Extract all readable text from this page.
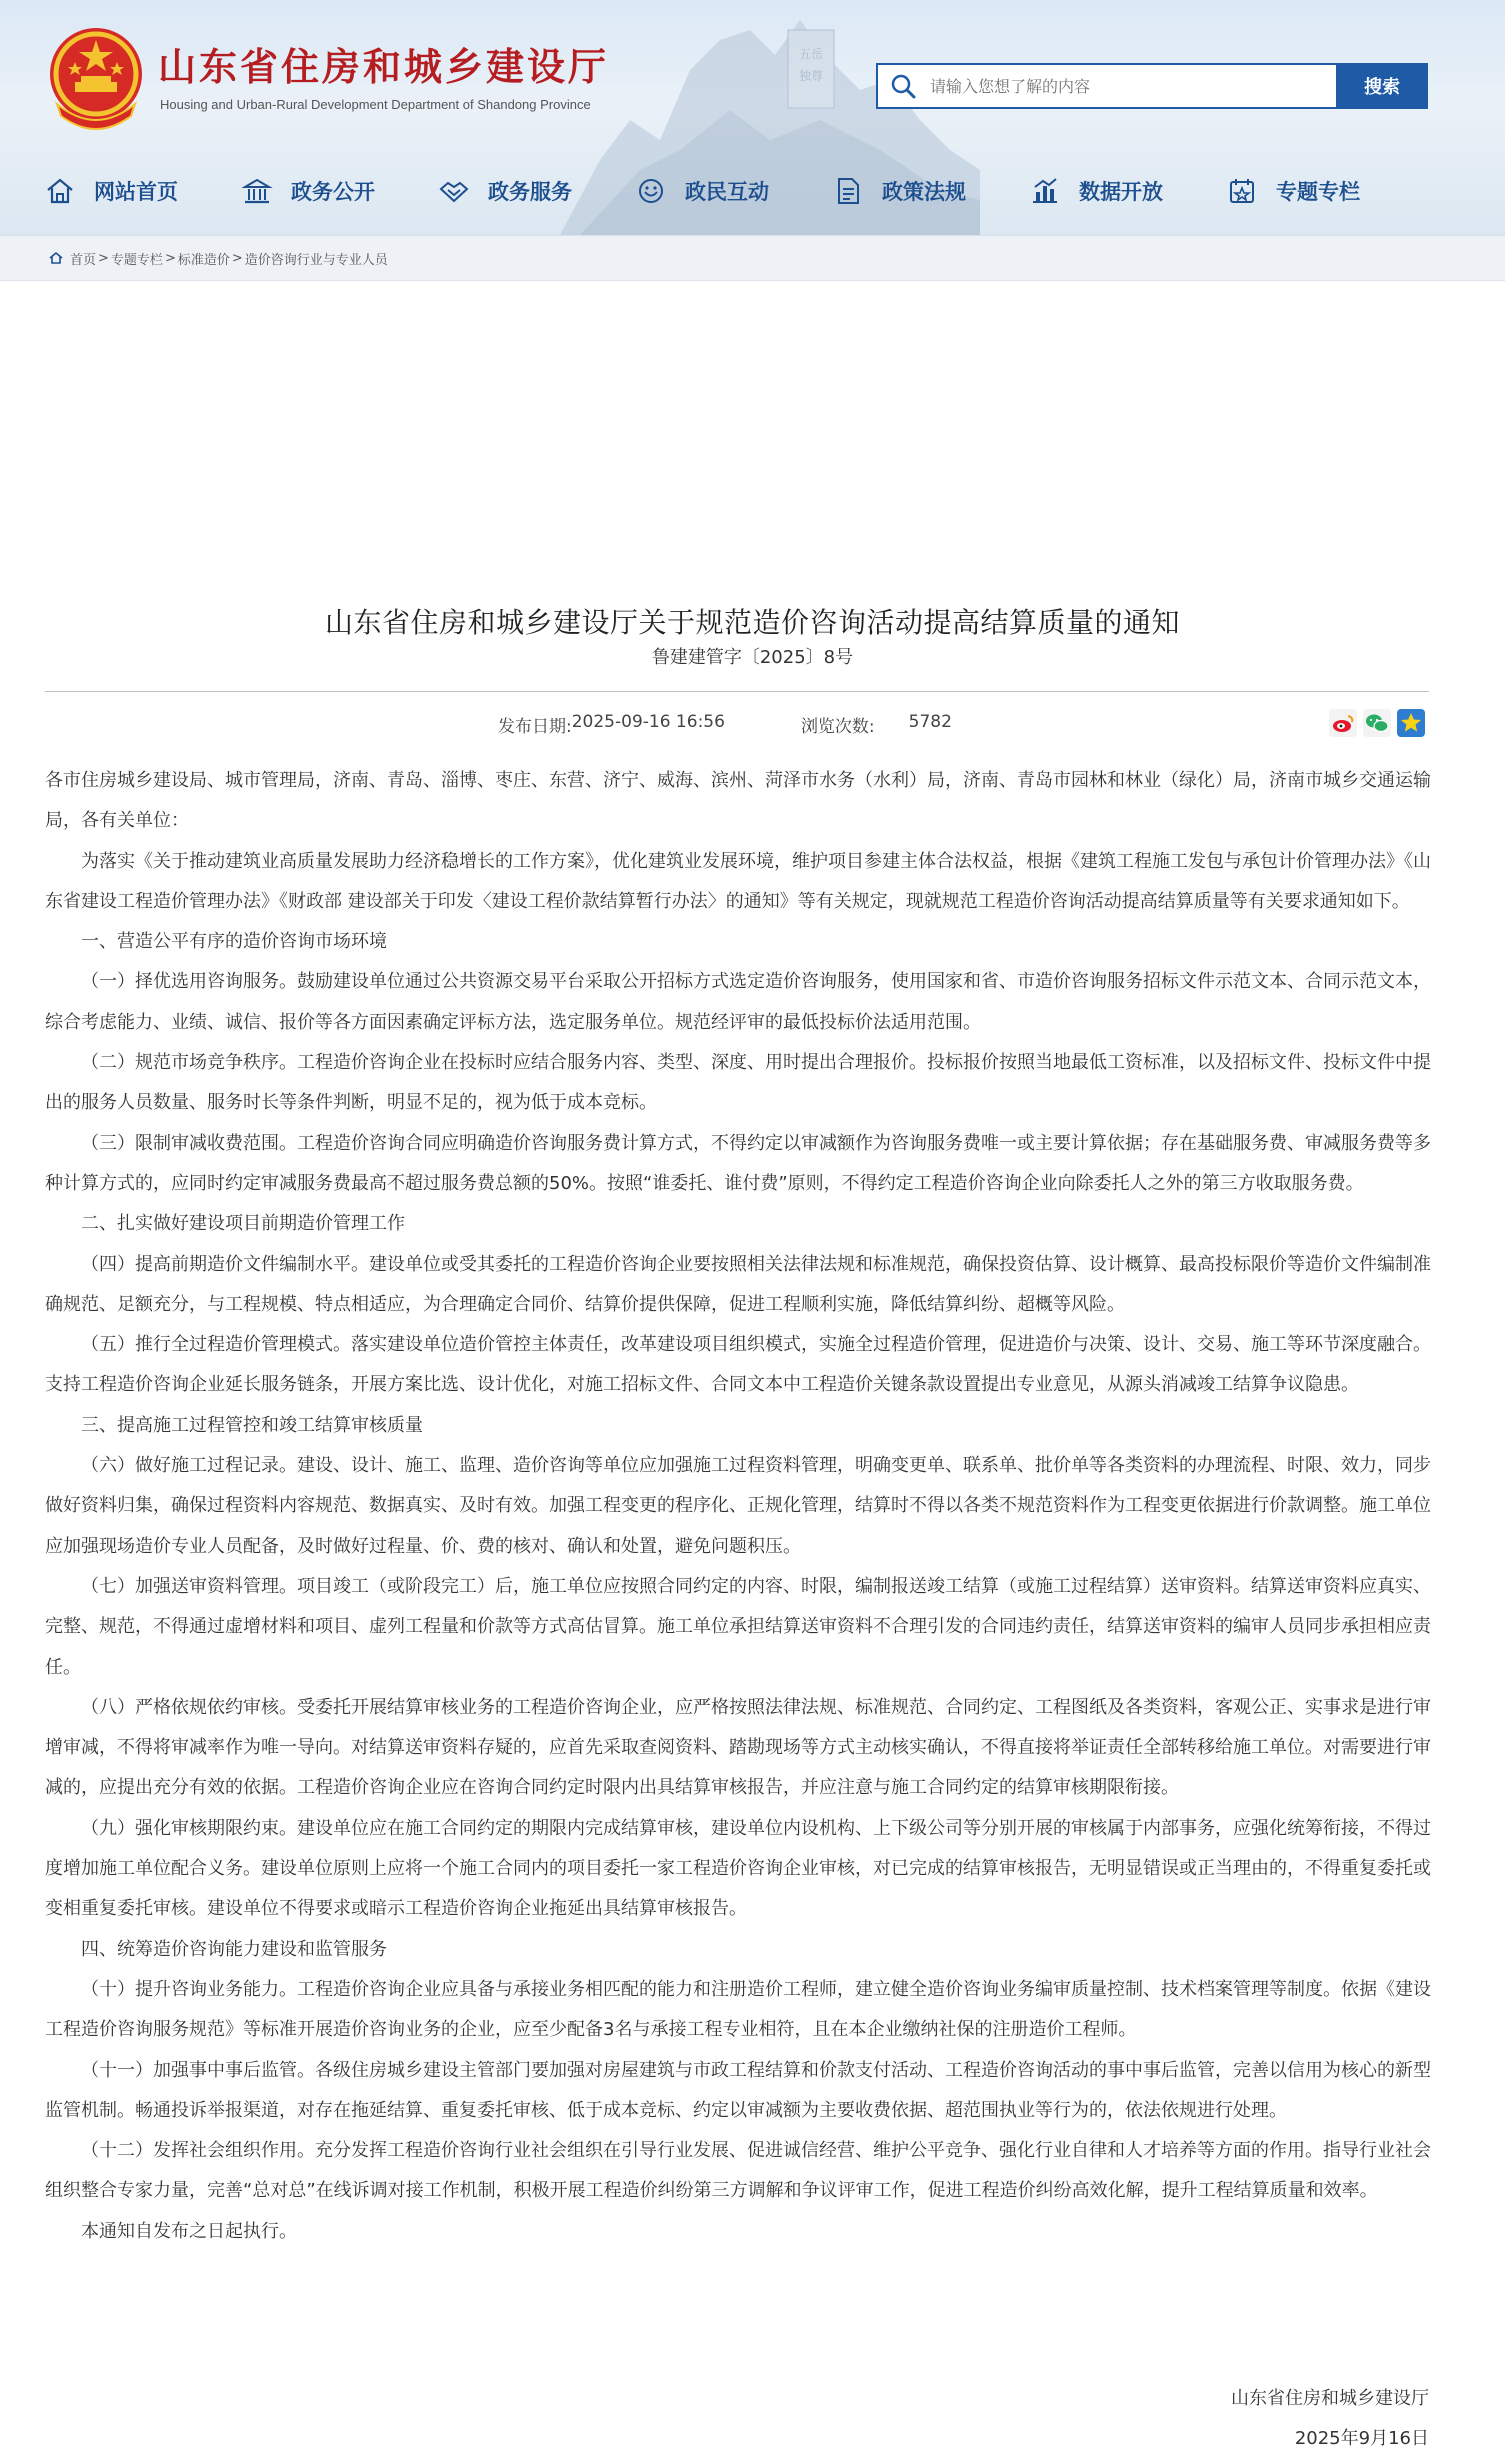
五岳
独尊
山东省住房和城乡建设厅
Housing and Urban-Rural Development Department of Shandong Province
请输入您想了解的内容
搜索
网站首页	政务公开	政务服务	政民互动	政策法规	数据开放	专题专栏
首页 > 专题专栏 > 标准造价 > 造价咨询行业与专业人员
山东省住房和城乡建设厅关于规范造价咨询活动提高结算质量的通知
鲁建建管字〔2025〕8号
发布日期: 2025-09-16 16:56	浏览次数: 5782

各市住房城乡建设局、城市管理局，济南、青岛、淄博、枣庄、东营、济宁、威海、滨州、菏泽市水务（水利）局，济南、青岛市园林和林业（绿化）局，济南市城乡交通运输局，各有关单位：

为落实《关于推动建筑业高质量发展助力经济稳增长的工作方案》，优化建筑业发展环境，维护项目参建主体合法权益，根据《建筑工程施工发包与承包计价管理办法》《山东省建设工程造价管理办法》《财政部 建设部关于印发〈建设工程价款结算暂行办法〉的通知》等有关规定，现就规范工程造价咨询活动提高结算质量等有关要求通知如下。

一、营造公平有序的造价咨询市场环境

（一）择优选用咨询服务。鼓励建设单位通过公共资源交易平台采取公开招标方式选定造价咨询服务，使用国家和省、市造价咨询服务招标文件示范文本、合同示范文本，综合考虑能力、业绩、诚信、报价等各方面因素确定评标方法，选定服务单位。规范经评审的最低投标价法适用范围。

（二）规范市场竞争秩序。工程造价咨询企业在投标时应结合服务内容、类型、深度、用时提出合理报价。投标报价按照当地最低工资标准，以及招标文件、投标文件中提出的服务人员数量、服务时长等条件判断，明显不足的，视为低于成本竞标。

（三）限制审减收费范围。工程造价咨询合同应明确造价咨询服务费计算方式，不得约定以审减额作为咨询服务费唯一或主要计算依据；存在基础服务费、审减服务费等多种计算方式的，应同时约定审减服务费最高不超过服务费总额的50%。按照“谁委托、谁付费”原则，不得约定工程造价咨询企业向除委托人之外的第三方收取服务费。

二、扎实做好建设项目前期造价管理工作

（四）提高前期造价文件编制水平。建设单位或受其委托的工程造价咨询企业要按照相关法律法规和标准规范，确保投资估算、设计概算、最高投标限价等造价文件编制准确规范、足额充分，与工程规模、特点相适应，为合理确定合同价、结算价提供保障，促进工程顺利实施，降低结算纠纷、超概等风险。

（五）推行全过程造价管理模式。落实建设单位造价管控主体责任，改革建设项目组织模式，实施全过程造价管理，促进造价与决策、设计、交易、施工等环节深度融合。支持工程造价咨询企业延长服务链条，开展方案比选、设计优化，对施工招标文件、合同文本中工程造价关键条款设置提出专业意见，从源头消减竣工结算争议隐患。

三、提高施工过程管控和竣工结算审核质量

（六）做好施工过程记录。建设、设计、施工、监理、造价咨询等单位应加强施工过程资料管理，明确变更单、联系单、批价单等各类资料的办理流程、时限、效力，同步做好资料归集，确保过程资料内容规范、数据真实、及时有效。加强工程变更的程序化、正规化管理，结算时不得以各类不规范资料作为工程变更依据进行价款调整。施工单位应加强现场造价专业人员配备，及时做好过程量、价、费的核对、确认和处置，避免问题积压。

（七）加强送审资料管理。项目竣工（或阶段完工）后，施工单位应按照合同约定的内容、时限，编制报送竣工结算（或施工过程结算）送审资料。结算送审资料应真实、完整、规范，不得通过虚增材料和项目、虚列工程量和价款等方式高估冒算。施工单位承担结算送审资料不合理引发的合同违约责任，结算送审资料的编审人员同步承担相应责任。

（八）严格依规依约审核。受委托开展结算审核业务的工程造价咨询企业，应严格按照法律法规、标准规范、合同约定、工程图纸及各类资料，客观公正、实事求是进行审增审减，不得将审减率作为唯一导向。对结算送审资料存疑的，应首先采取查阅资料、踏勘现场等方式主动核实确认，不得直接将举证责任全部转移给施工单位。对需要进行审减的，应提出充分有效的依据。工程造价咨询企业应在咨询合同约定时限内出具结算审核报告，并应注意与施工合同约定的结算审核期限衔接。

（九）强化审核期限约束。建设单位应在施工合同约定的期限内完成结算审核，建设单位内设机构、上下级公司等分别开展的审核属于内部事务，应强化统筹衔接，不得过度增加施工单位配合义务。建设单位原则上应将一个施工合同内的项目委托一家工程造价咨询企业审核，对已完成的结算审核报告，无明显错误或正当理由的，不得重复委托或变相重复委托审核。建设单位不得要求或暗示工程造价咨询企业拖延出具结算审核报告。

四、统筹造价咨询能力建设和监管服务

（十）提升咨询业务能力。工程造价咨询企业应具备与承接业务相匹配的能力和注册造价工程师，建立健全造价咨询业务编审质量控制、技术档案管理等制度。依据《建设工程造价咨询服务规范》等标准开展造价咨询业务的企业，应至少配备3名与承接工程专业相符，且在本企业缴纳社保的注册造价工程师。

（十一）加强事中事后监管。各级住房城乡建设主管部门要加强对房屋建筑与市政工程结算和价款支付活动、工程造价咨询活动的事中事后监管，完善以信用为核心的新型监管机制。畅通投诉举报渠道，对存在拖延结算、重复委托审核、低于成本竞标、约定以审减额为主要收费依据、超范围执业等行为的，依法依规进行处理。

（十二）发挥社会组织作用。充分发挥工程造价咨询行业社会组织在引导行业发展、促进诚信经营、维护公平竞争、强化行业自律和人才培养等方面的作用。指导行业社会组织整合专家力量，完善“总对总”在线诉调对接工作机制，积极开展工程造价纠纷第三方调解和争议评审工作，促进工程造价纠纷高效化解，提升工程结算质量和效率。

本通知自发布之日起执行。

山东省住房和城乡建设厅
2025年9月16日
